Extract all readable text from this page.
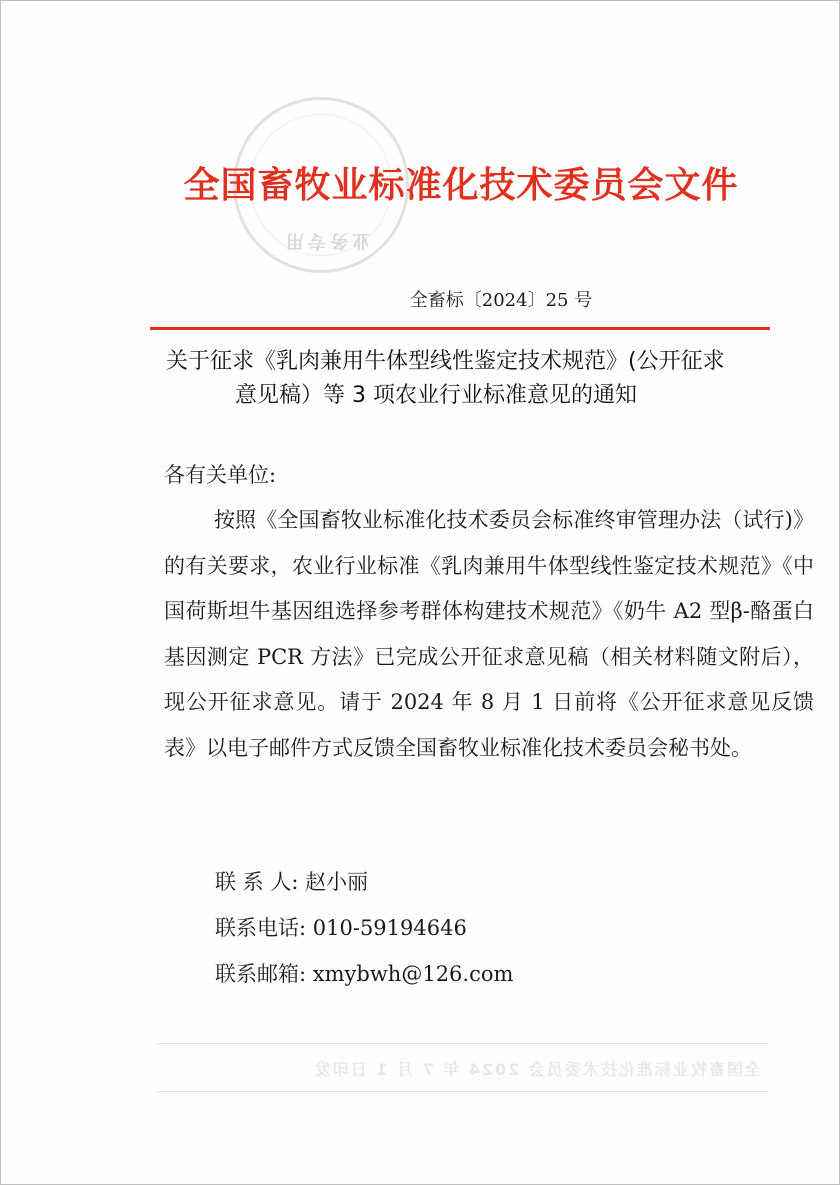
业务专用
全国畜牧业标准化技术委员会文件
全畜标〔2024〕25 号
关于征求《乳肉兼用牛体型线性鉴定技术规范》(公开征求
意见稿）等 3 项农业行业标准意见的通知
各有关单位:
按照《全国畜牧业标准化技术委员会标准终审管理办法（试行)》的有关要求，农业行业标准《乳肉兼用牛体型线性鉴定技术规范》《中国荷斯坦牛基因组选择参考群体构建技术规范》《奶牛 A2 型β-酪蛋白基因测定 PCR 方法》已完成公开征求意见稿（相关材料随文附后），现公开征求意见。请于 2024 年 8 月 1 日前将《公开征求意见反馈表》以电子邮件方式反馈全国畜牧业标准化技术委员会秘书处。
联 系 人: 赵小丽
联系电话: 010-59194646
联系邮箱: xmybwh@126.com
全国畜牧业标准化技术委员会 2024 年 7 月 1 日印发
